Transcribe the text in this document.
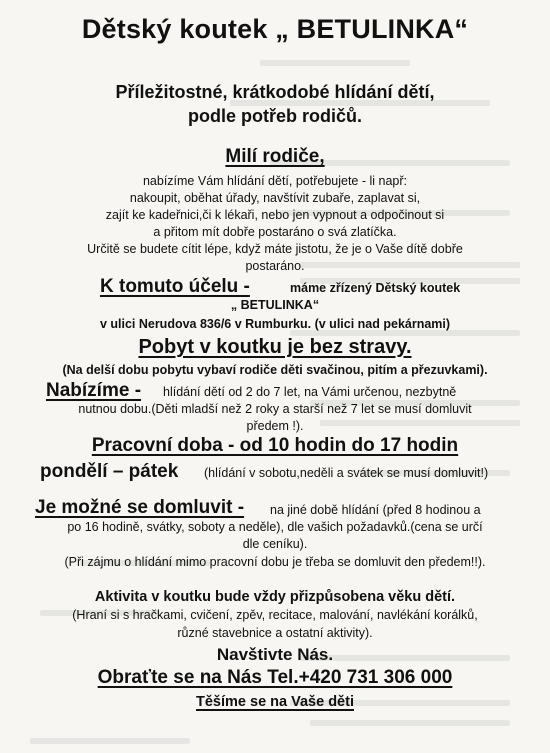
Dětský koutek „ BETULINKA“
Příležitostné, krátkodobé hlídání dětí,
podle potřeb rodičů.
Milí rodiče,
nabízíme Vám hlídání dětí, potřebujete - li např:
nakoupit, oběhat úřady, navštívit zubaře, zaplavat si,
zajít ke kadeřnici,či k lékaři, nebo jen vypnout a odpočinout si
a přitom mít dobře postaráno o svá zlatíčka.
Určitě se budete cítit lépe, když máte jistotu, že je o Vaše dítě dobře
postaráno.
K tomuto účelu -	máme zřízený Dětský koutek
„ BETULINKA“
v ulici Nerudova 836/6 v Rumburku. (v ulici nad pekárnami)
Pobyt v koutku je bez stravy.
(Na delší dobu pobytu vybaví rodiče děti svačinou, pitím a přezuvkami).
Nabízíme - hlídání dětí od 2 do 7 let, na Vámi určenou, nezbytně
nutnou dobu.(Děti mladší než 2 roky a starší než 7 let se musí domluvit
předem !).
Pracovní doba - od 10 hodin do 17 hodin
pondělí – pátek (hlídání v sobotu,neděli a svátek se musí domluvit!)
Je možné se domluvit - na jiné době hlídání (před 8 hodinou a
po 16 hodině, svátky, soboty a neděle), dle vašich požadavků.(cena se určí
dle ceníku).
(Při zájmu o hlídání mimo pracovní dobu je třeba se domluvit den předem!!).
Aktivita v koutku bude vždy přizpůsobena věku dětí.
(Hraní si s hračkami, cvičení, zpěv, recitace, malování, navlékání korálků,
různé stavebnice a ostatní aktivity).
Navštivte Nás.
Obraťte se na Nás Tel.+420 731 306 000
Těšíme se na Vaše děti
